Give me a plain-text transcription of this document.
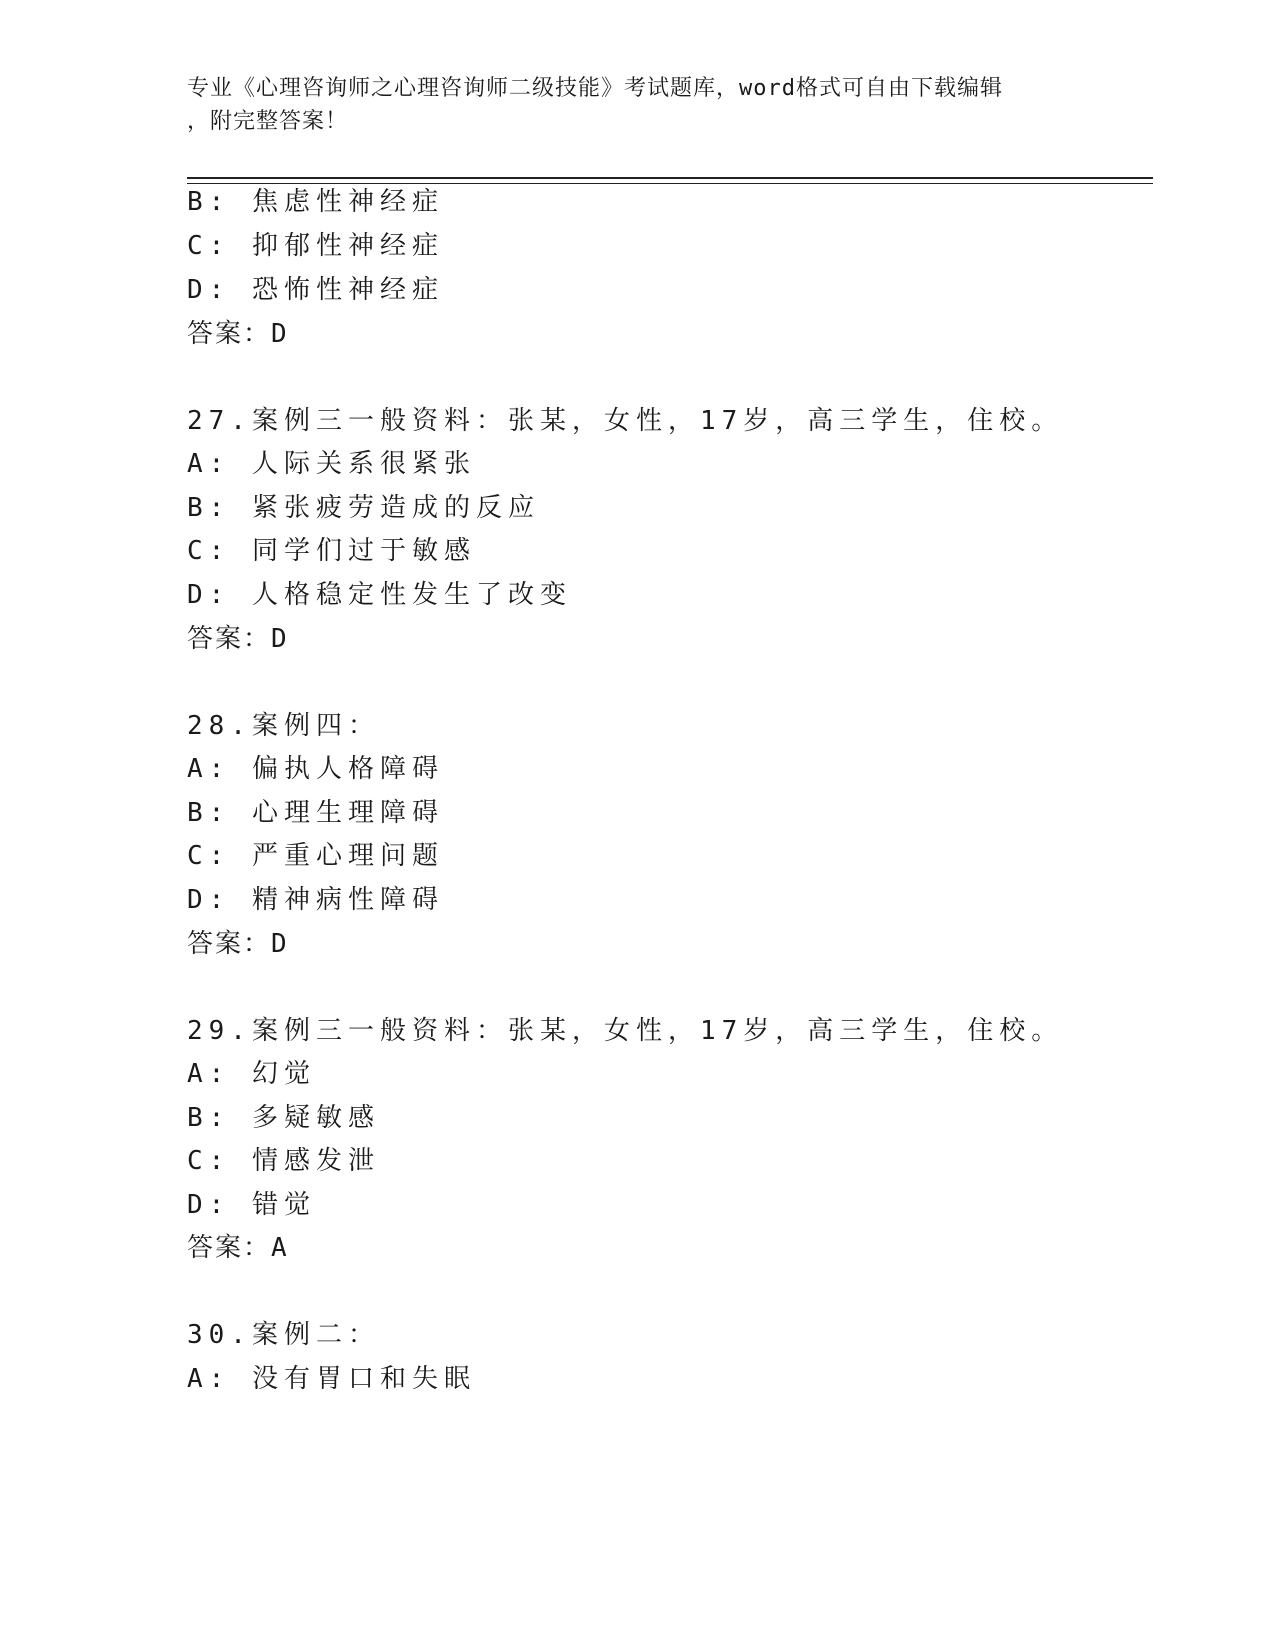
专业《心理咨询师之心理咨询师二级技能》考试题库，word格式可自由下载编辑
，附完整答案！
B: 焦虑性神经症
C: 抑郁性神经症
D: 恐怖性神经症
答案：D
27.案例三一般资料：张某，女性，17岁，高三学生，住校。
A: 人际关系很紧张
B: 紧张疲劳造成的反应
C: 同学们过于敏感
D: 人格稳定性发生了改变
答案：D
28.案例四：
A: 偏执人格障碍
B: 心理生理障碍
C: 严重心理问题
D: 精神病性障碍
答案：D
29.案例三一般资料：张某，女性，17岁，高三学生，住校。
A: 幻觉
B: 多疑敏感
C: 情感发泄
D: 错觉
答案：A
30.案例二：
A: 没有胃口和失眠
